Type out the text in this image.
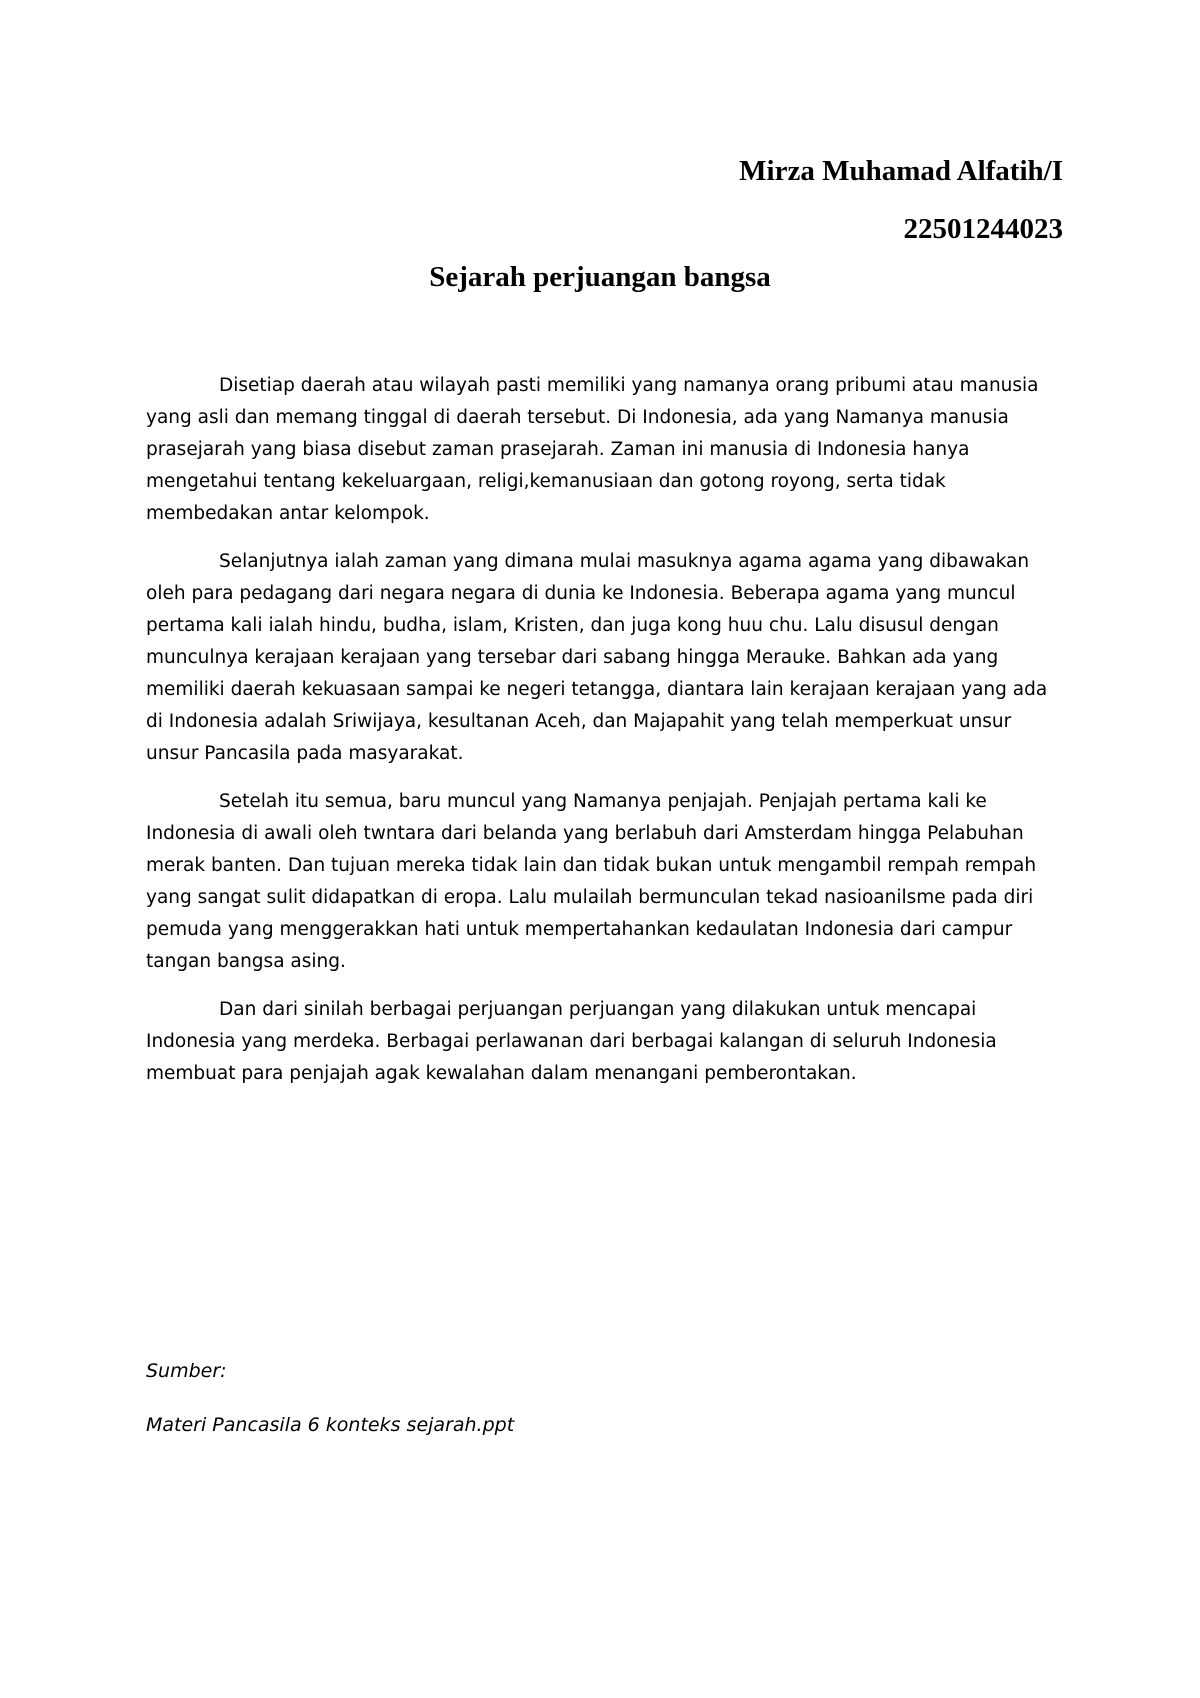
Mirza Muhamad Alfatih/I
22501244023
Sejarah perjuangan bangsa

Disetiap daerah atau wilayah pasti memiliki yang namanya orang pribumi atau manusia yang asli dan memang tinggal di daerah tersebut. Di Indonesia, ada yang Namanya manusia prasejarah yang biasa disebut zaman prasejarah. Zaman ini manusia di Indonesia hanya mengetahui tentang kekeluargaan, religi,kemanusiaan dan gotong royong, serta tidak membedakan antar kelompok.

Selanjutnya ialah zaman yang dimana mulai masuknya agama agama yang dibawakan oleh para pedagang dari negara negara di dunia ke Indonesia. Beberapa agama yang muncul pertama kali ialah hindu, budha, islam, Kristen, dan juga kong huu chu. Lalu disusul dengan munculnya kerajaan kerajaan yang tersebar dari sabang hingga Merauke. Bahkan ada yang memiliki daerah kekuasaan sampai ke negeri tetangga, diantara lain kerajaan kerajaan yang ada di Indonesia adalah Sriwijaya, kesultanan Aceh, dan Majapahit yang telah memperkuat unsur unsur Pancasila pada masyarakat.

Setelah itu semua, baru muncul yang Namanya penjajah. Penjajah pertama kali ke Indonesia di awali oleh twntara dari belanda yang berlabuh dari Amsterdam hingga Pelabuhan merak banten. Dan tujuan mereka tidak lain dan tidak bukan untuk mengambil rempah rempah yang sangat sulit didapatkan di eropa. Lalu mulailah bermunculan tekad nasioanilsme pada diri pemuda yang menggerakkan hati untuk mempertahankan kedaulatan Indonesia dari campur tangan bangsa asing.

Dan dari sinilah berbagai perjuangan perjuangan yang dilakukan untuk mencapai Indonesia yang merdeka. Berbagai perlawanan dari berbagai kalangan di seluruh Indonesia membuat para penjajah agak kewalahan dalam menangani pemberontakan.

Sumber:
Materi Pancasila 6 konteks sejarah.ppt
